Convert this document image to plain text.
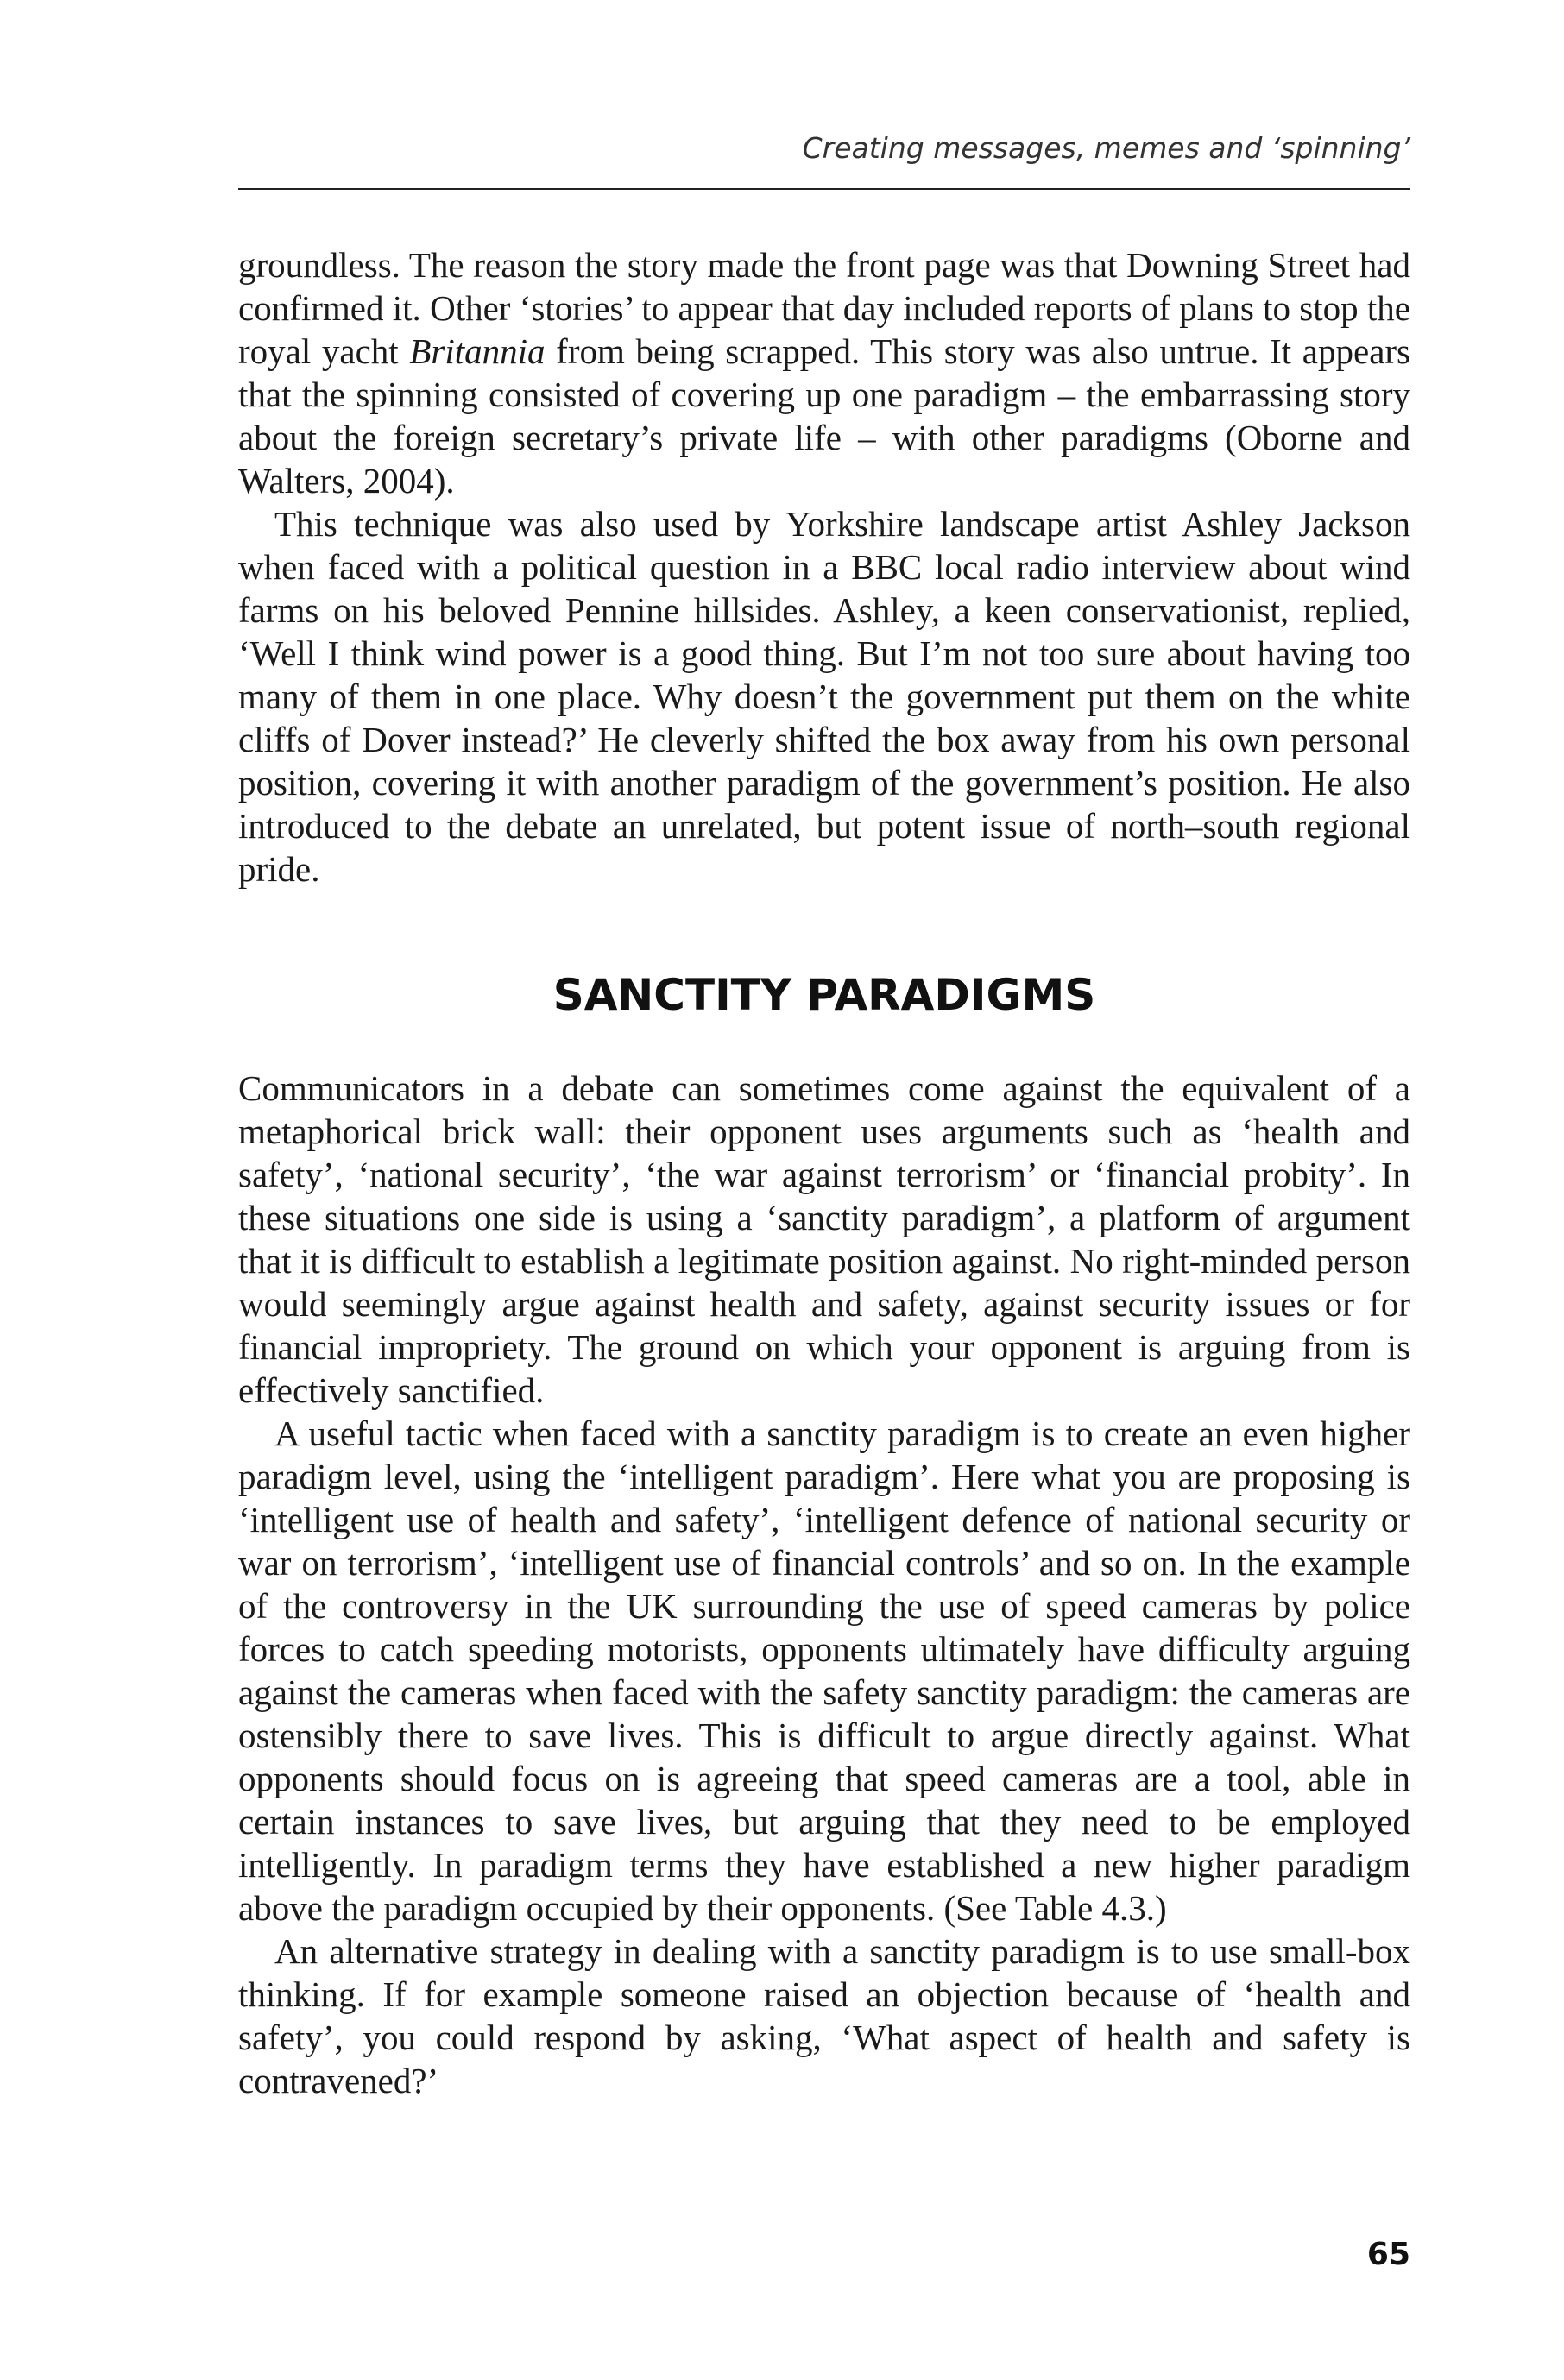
Creating messages, memes and ‘spinning’

groundless. The reason the story made the front page was that Downing Street had confirmed it. Other ‘stories’ to appear that day included reports of plans to stop the royal yacht Britannia from being scrapped. This story was also untrue. It appears that the spinning consisted of covering up one paradigm – the embarrassing story about the foreign secretary’s private life – with other paradigms (Oborne and Walters, 2004).

This technique was also used by Yorkshire landscape artist Ashley Jackson when faced with a political question in a BBC local radio interview about wind farms on his beloved Pennine hillsides. Ashley, a keen conservationist, replied, ‘Well I think wind power is a good thing. But I’m not too sure about having too many of them in one place. Why doesn’t the government put them on the white cliffs of Dover instead?’ He cleverly shifted the box away from his own personal position, covering it with another paradigm of the government’s position. He also introduced to the debate an unrelated, but potent issue of north–south regional pride.

SANCTITY PARADIGMS

Communicators in a debate can sometimes come against the equivalent of a metaphorical brick wall: their opponent uses arguments such as ‘health and safety’, ‘national security’, ‘the war against terrorism’ or ‘financial probity’. In these situations one side is using a ‘sanctity paradigm’, a platform of argument that it is difficult to establish a legitimate position against. No right-minded person would seemingly argue against health and safety, against security issues or for financial impropriety. The ground on which your opponent is arguing from is effectively sanctified.

A useful tactic when faced with a sanctity paradigm is to create an even higher paradigm level, using the ‘intelligent paradigm’. Here what you are proposing is ‘intelligent use of health and safety’, ‘intelligent defence of national security or war on terrorism’, ‘intelligent use of financial controls’ and so on. In the example of the controversy in the UK surrounding the use of speed cameras by police forces to catch speeding motorists, opponents ultimately have difficulty arguing against the cameras when faced with the safety sanctity paradigm: the cameras are ostensibly there to save lives. This is difficult to argue directly against. What opponents should focus on is agreeing that speed cameras are a tool, able in certain instances to save lives, but arguing that they need to be employed intelligently. In paradigm terms they have established a new higher paradigm above the paradigm occupied by their opponents. (See Table 4.3.)

An alternative strategy in dealing with a sanctity paradigm is to use small-box thinking. If for example someone raised an objection because of ‘health and safety’, you could respond by asking, ‘What aspect of health and safety is contravened?’

65
